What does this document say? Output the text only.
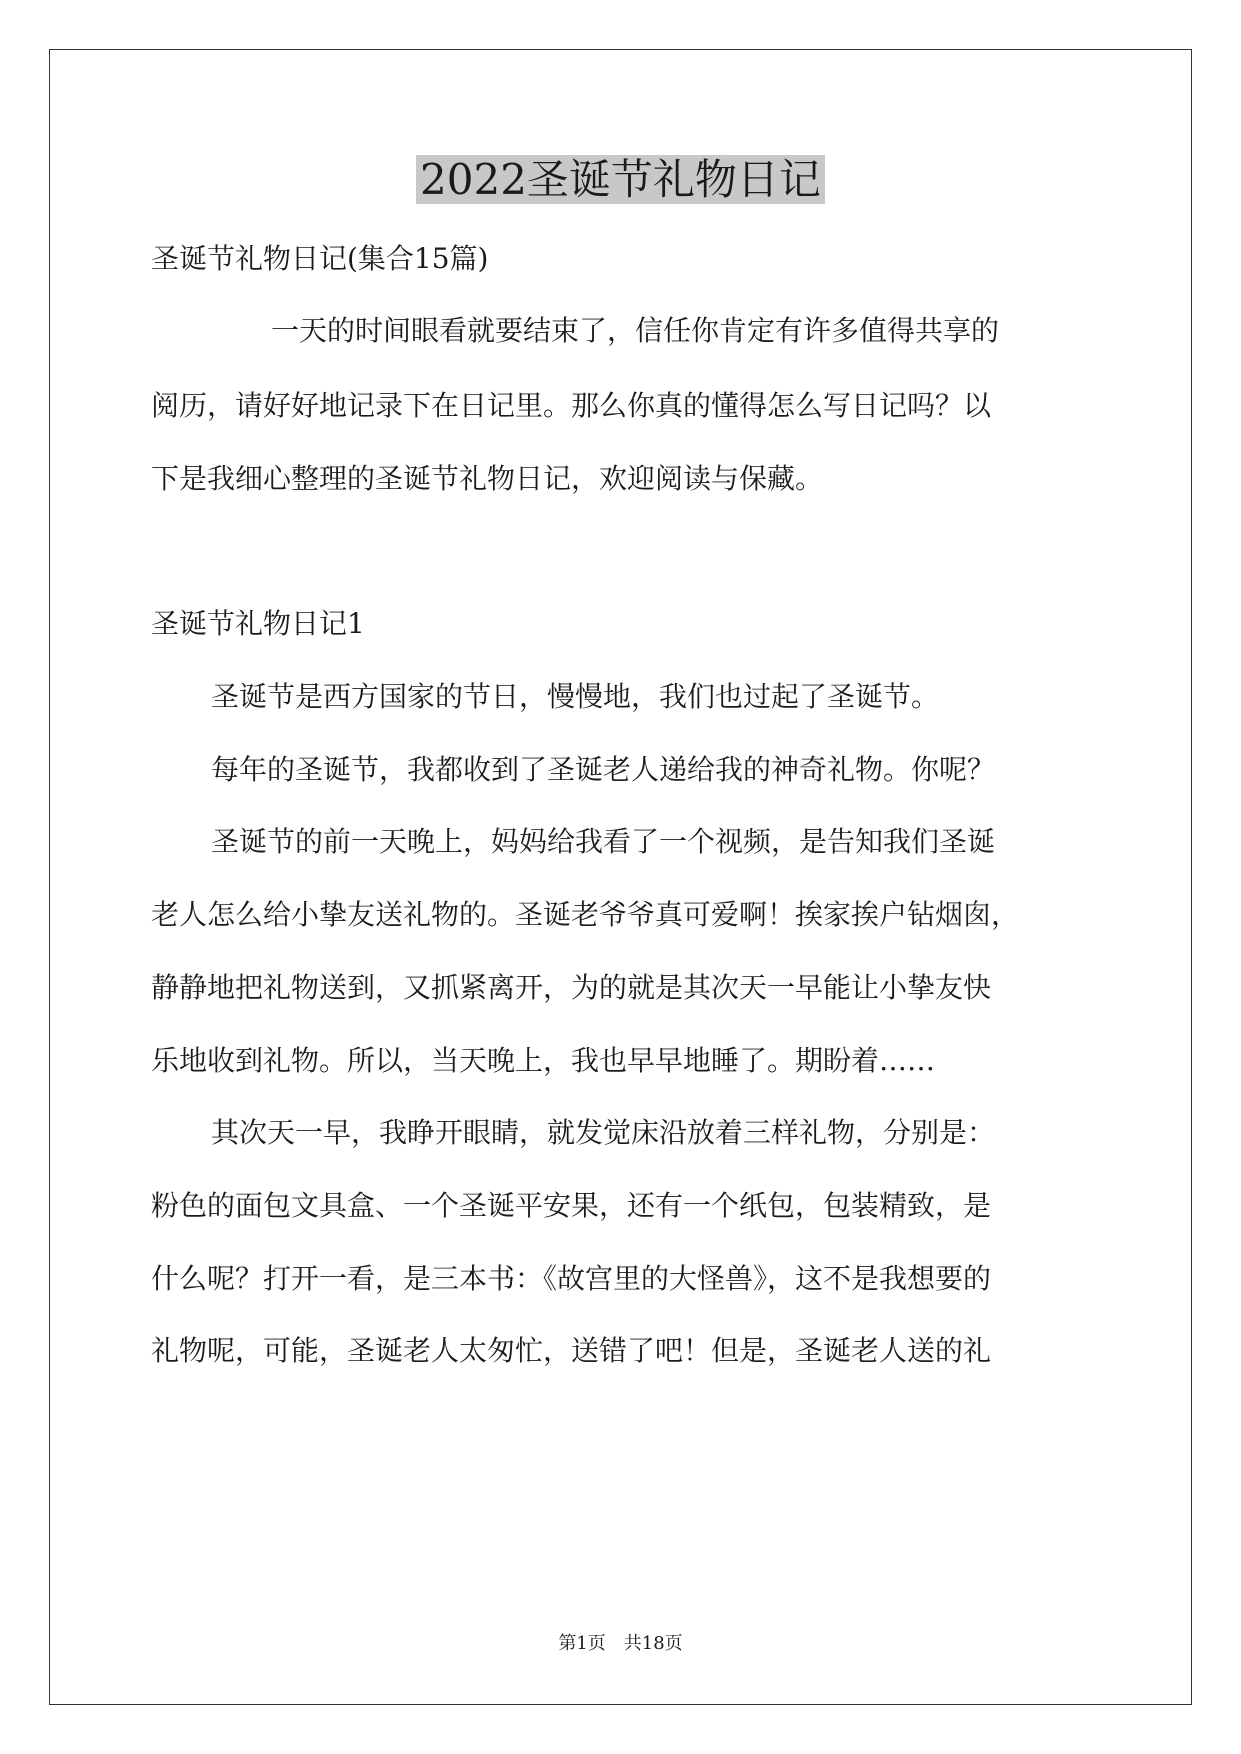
2022圣诞节礼物日记
圣诞节礼物日记(集合15篇)
一天的时间眼看就要结束了，信任你肯定有许多值得共享的
阅历，请好好地记录下在日记里。那么你真的懂得怎么写日记吗？以
下是我细心整理的圣诞节礼物日记，欢迎阅读与保藏。
圣诞节礼物日记1
圣诞节是西方国家的节日，慢慢地，我们也过起了圣诞节。
每年的圣诞节，我都收到了圣诞老人递给我的神奇礼物。你呢？
圣诞节的前一天晚上，妈妈给我看了一个视频，是告知我们圣诞
老人怎么给小挚友送礼物的。圣诞老爷爷真可爱啊！挨家挨户钻烟囱，
静静地把礼物送到，又抓紧离开，为的就是其次天一早能让小挚友快
乐地收到礼物。所以，当天晚上，我也早早地睡了。期盼着……
其次天一早，我睁开眼睛，就发觉床沿放着三样礼物，分别是：
粉色的面包文具盒、一个圣诞平安果，还有一个纸包，包装精致，是
什么呢？打开一看，是三本书：《故宫里的大怪兽》，这不是我想要的
礼物呢，可能，圣诞老人太匆忙，送错了吧！但是，圣诞老人送的礼
第1页　共18页
